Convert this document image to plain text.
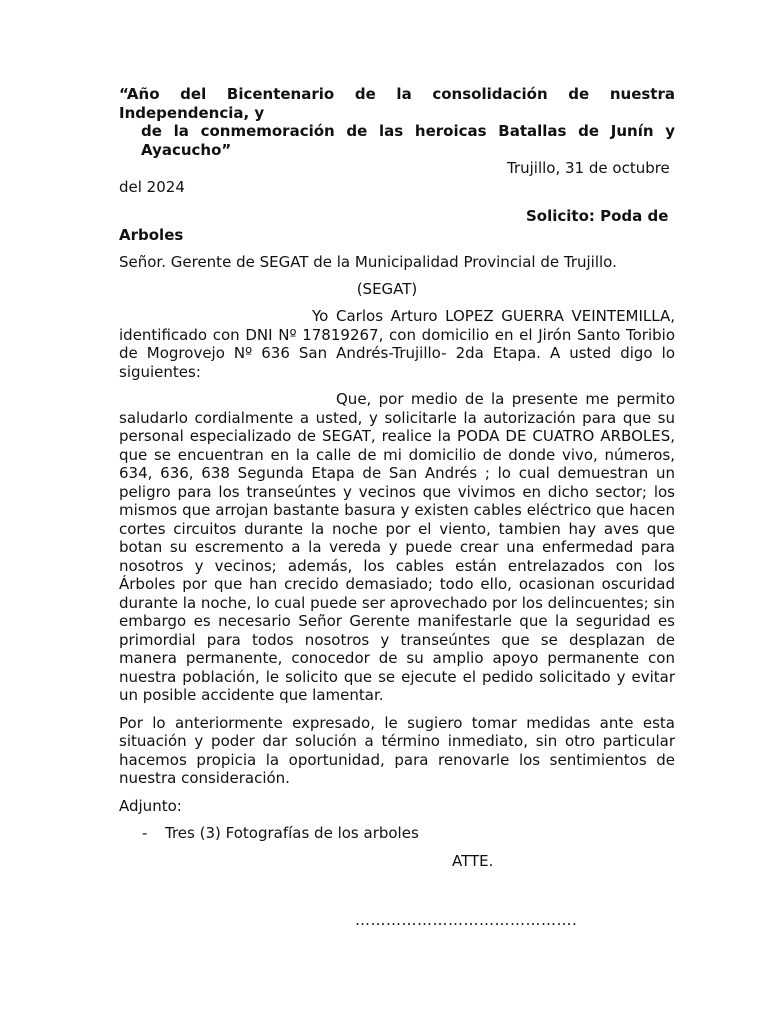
“Año del Bicentenario de la consolidación de nuestra Independencia, y
de la conmemoración de las heroicas Batallas de Junín y Ayacucho”

Trujillo, 31 de octubre del 2024

Solicito: Poda de Arboles

Señor. Gerente de SEGAT de la Municipalidad Provincial de Trujillo.

(SEGAT)

Yo Carlos Arturo LOPEZ GUERRA VEINTEMILLA, identificado con DNI Nº 17819267, con domicilio en el Jirón Santo Toribio de Mogrovejo Nº 636 San Andrés-Trujillo- 2da Etapa. A usted digo lo siguientes:

Que, por medio de la presente me permito saludarlo cordialmente a usted, y solicitarle la autorización para que su personal especializado de SEGAT, realice la PODA DE CUATRO ARBOLES, que se encuentran en la calle de mi domicilio de donde vivo, números, 634, 636, 638 Segunda Etapa de San Andrés ; lo cual demuestran un peligro para los transeúntes y vecinos que vivimos en dicho sector; los mismos que arrojan bastante basura y existen cables eléctrico que hacen cortes circuitos durante la noche por el viento, tambien hay aves que botan su escremento a la vereda y puede crear una enfermedad para nosotros y vecinos; además, los cables están entrelazados con los Árboles por que han crecido demasiado; todo ello, ocasionan oscuridad durante la noche, lo cual puede ser aprovechado por los delincuentes; sin embargo es necesario Señor Gerente manifestarle que la seguridad es primordial para todos nosotros y transeúntes que se desplazan de manera permanente, conocedor de su amplio apoyo permanente con nuestra población, le solicito que se ejecute el pedido solicitado y evitar un posible accidente que lamentar.

Por lo anteriormente expresado, le sugiero tomar medidas ante esta situación y poder dar solución a término inmediato, sin otro particular hacemos propicia la oportunidad, para renovarle los sentimientos de nuestra consideración.

Adjunto:

- Tres (3) Fotografías de los arboles

ATTE.

…………………………………….
